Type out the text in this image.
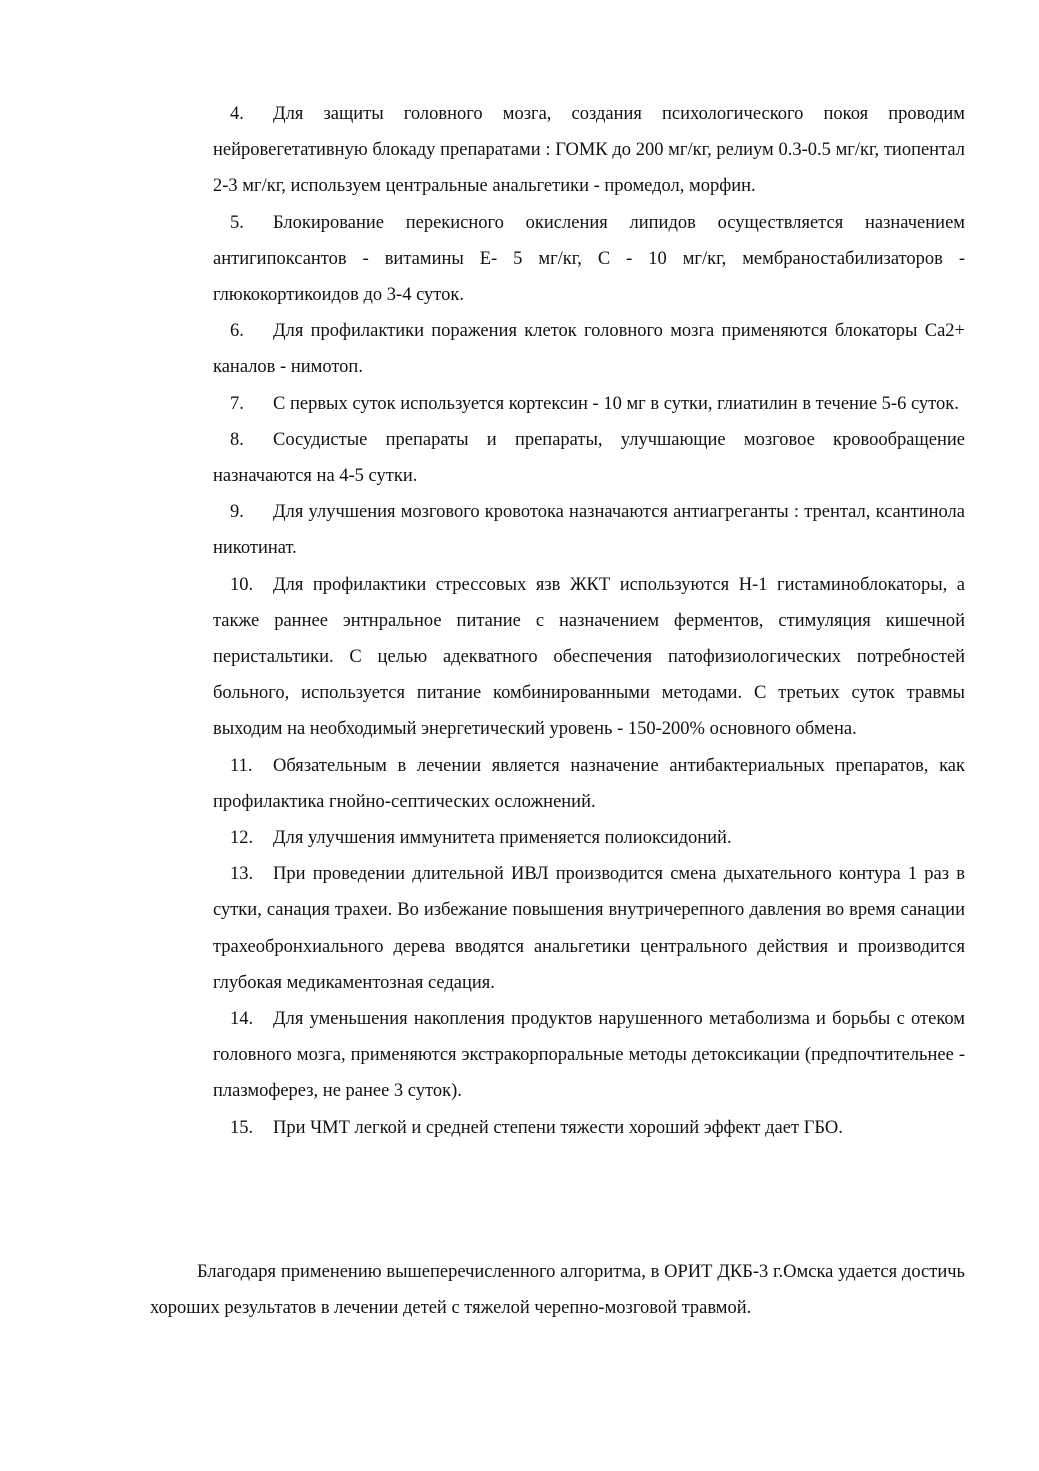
4.	Для защиты головного мозга, создания психологического покоя проводим нейровегетативную блокаду препаратами : ГОМК до 200 мг/кг, релиум 0.3-0.5 мг/кг, тиопентал 2-3 мг/кг, используем центральные анальгетики - промедол, морфин.

5.	Блокирование перекисного окисления липидов осуществляется назначением антигипоксантов - витамины Е- 5 мг/кг, С - 10 мг/кг, мембраностабилизаторов - глюкокортикоидов до 3-4 суток.

6.	Для профилактики поражения клеток головного мозга применяются блокаторы Са2+ каналов - нимотоп.

7.	С первых суток используется кортексин - 10 мг в сутки, глиатилин в течение 5-6 суток.

8.	Сосудистые препараты и препараты, улучшающие мозговое кровообращение назначаются на 4-5 сутки.

9.	Для улучшения мозгового кровотока назначаются антиагреганты : трентал, ксантинола никотинат.

10.	Для профилактики стрессовых язв ЖКТ используются Н-1 гистаминоблокаторы, а также раннее энтнральное питание с назначением ферментов, стимуляция кишечной перистальтики. С целью адекватного обеспечения патофизиологических потребностей больного, используется питание комбинированными методами. С третьих суток травмы выходим на необходимый энергетический уровень - 150-200% основного обмена.

11.	Обязательным в лечении является назначение антибактериальных препаратов, как профилактика гнойно-септических осложнений.

12.	Для улучшения иммунитета применяется полиоксидоний.

13.	При проведении длительной ИВЛ производится смена дыхательного контура 1 раз в сутки, санация трахеи. Во избежание повышения внутричерепного давления во время санации трахеобронхиального дерева вводятся анальгетики центрального действия и производится глубокая медикаментозная седация.

14.	Для уменьшения накопления продуктов нарушенного метаболизма и борьбы с отеком головного мозга, применяются экстракорпоральные методы детоксикации (предпочтительнее - плазмоферез, не ранее 3 суток).

15.	При ЧМТ легкой и средней степени тяжести хороший эффект дает ГБО.

Благодаря применению вышеперечисленного алгоритма, в ОРИТ ДКБ-3 г.Омска удается достичь хороших результатов в лечении детей с тяжелой черепно-мозговой травмой.
